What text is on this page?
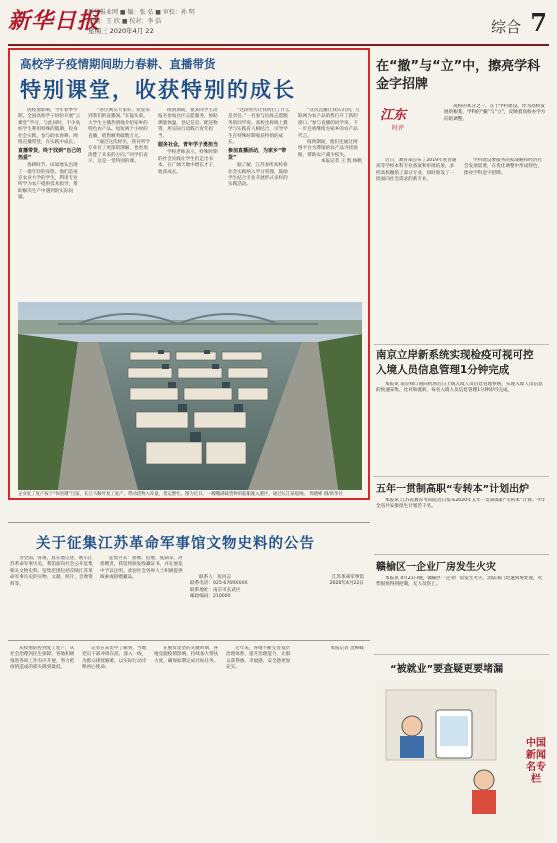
新华日报
新华报业网 ■ 编：张 弘 ■ 审校：孙 明
美编：王 欣 ■ 校对：李 浩
星期三 2020年4月 22	综合 7
高校学子疫情期间助力春耕、直播带货
特别课堂，收获特别的成长

因疫情影响，今年春季学期，全国高校学子纷纷开展“云课堂”学习。与此同时，不少高校学生利用特殊的假期，投身社会实践，参与助农春耕、网络直播带货，在实践中成长。

直播带货，终于找到“自己的热爱”

春耕时节，田间地头出现了一群年轻的身影。他们是南京农业大学的学生，利用专业所学为农户提供技术指导，帮助解决生产中遇到的实际问题。

“各位网友大家好，欢迎来到我们的直播间。”在镜头前，大学生主播热情地介绍家乡的特色农产品。短短两个小时的直播，销售额突破数万元。

“通过这次经历，我对所学专业有了更深的理解，也更加清楚了未来的方向。”同学们表示，这是一堂特别的课。

疫情期间，很多同学主动报名参加社区志愿服务，协助测量体温、登记信息、配送物资，用实际行动践行青年担当。

服务社会，青年学子勇担当

学校老师表示，特殊时期的社会实践让学生们走出书本，在广阔天地中增长才干，收获成长。

“这段经历让我明白了什么是责任。”一名参与抗疫志愿服务的同学说。高校也将线上教学与实践育人相结合，引导学生在特殊时期收获特别的成长。

参加直播活动，为家乡“带货”

据了解，江苏多所高校将社会实践纳入学分管理，鼓励学生结合专业开展形式多样的实践活动。

“这次直播让我认识到，互联网为农产品销售打开了新的窗口。”参与直播的同学说，下一步还将继续为家乡的农产品代言。

疫情期间，他们还通过网络平台为滞销的农产品寻找销路，帮助农户减少损失。

本报记者 王 凯 杨帆
企业复工复产按下“快进键”目前，长江马鞍叶复工复产，带动货物入库量，货运繁忙。图为近日，一艘艘满载货物的船舶驶入港区，通过长江某船闸。 周德彬 摄/新华社
关于征集江苏革命军事馆文物史料的公告

为全面、客观、真实地记述、展示江苏革命军事历史，我馆面向社会公开征集相关文物史料。征集范围包括反映江苏革命军事历史的实物、文献、照片、音像资料等。

征集方式：捐赠、借展、复制等。对捐赠者，我馆将颁发收藏证书，并在展览中予以注明。欢迎社会各界人士积极提供线索或捐赠藏品。	联系人：张同志
联系电话：025-6769XXXX
联系地址：南京市玄武区
邮政编码：210000

江苏革命军事馆
2020年4月22日

从疫情防控到复工复产，从社会治理到民生保障，各地积极推进各项工作有序开展，努力把疫情造成的损失降到最低。

记者在采访中了解到，当地党员干部冲锋在前，深入一线，为群众排忧解难，以实际行动诠释初心使命。

在脱贫攻坚的关键时期，各地克服疫情影响，持续加大帮扶力度，确保如期完成目标任务。

近年来，各地不断完善基层治理体系，提升治理能力，让群众获得感、幸福感、安全感更加充实。

本报记者 沈峥嵘
在“撤”与“立”中，擦亮学科金字招牌
江东
时评

高校的本分之一，在于学科建设。作为高校发展的根基，学科的“撤”与“立”，反映着高校办学方向的调整。

近日，教育部公布了2019年度普通高等学校本科专业备案和审批结果，多所高校撤销了部分专业，同时新设了一批面向社会需求的新专业。

学科建设要服务国家战略和经济社会发展需要，在优化调整中形成特色，擦亮学科金字招牌。

南京立岸新系统实现检疫可视可控
入境人员信息管理1分钟完成

本报讯 南京禄口国际机场近日上线入境人员信息管理系统，实现入境人员信息的快速采集、比对和流转，每名入境人员信息管理1分钟即可完成。

五年一贯制高职“专转本”计划出炉

本报讯 江苏省教育考试院近日发布2020年五年一贯制高职“专转本”计划，今年全省共安排招生计划若干名。

赣榆区一企业厂房发生火灾

本报讯 4月21日晚，赣榆区一企业厂房发生火灾，消防部门迅速到场处置，火势很快得到控制，无人员伤亡。

“被就业”要查疑更要堵漏
中国新闻名专栏
